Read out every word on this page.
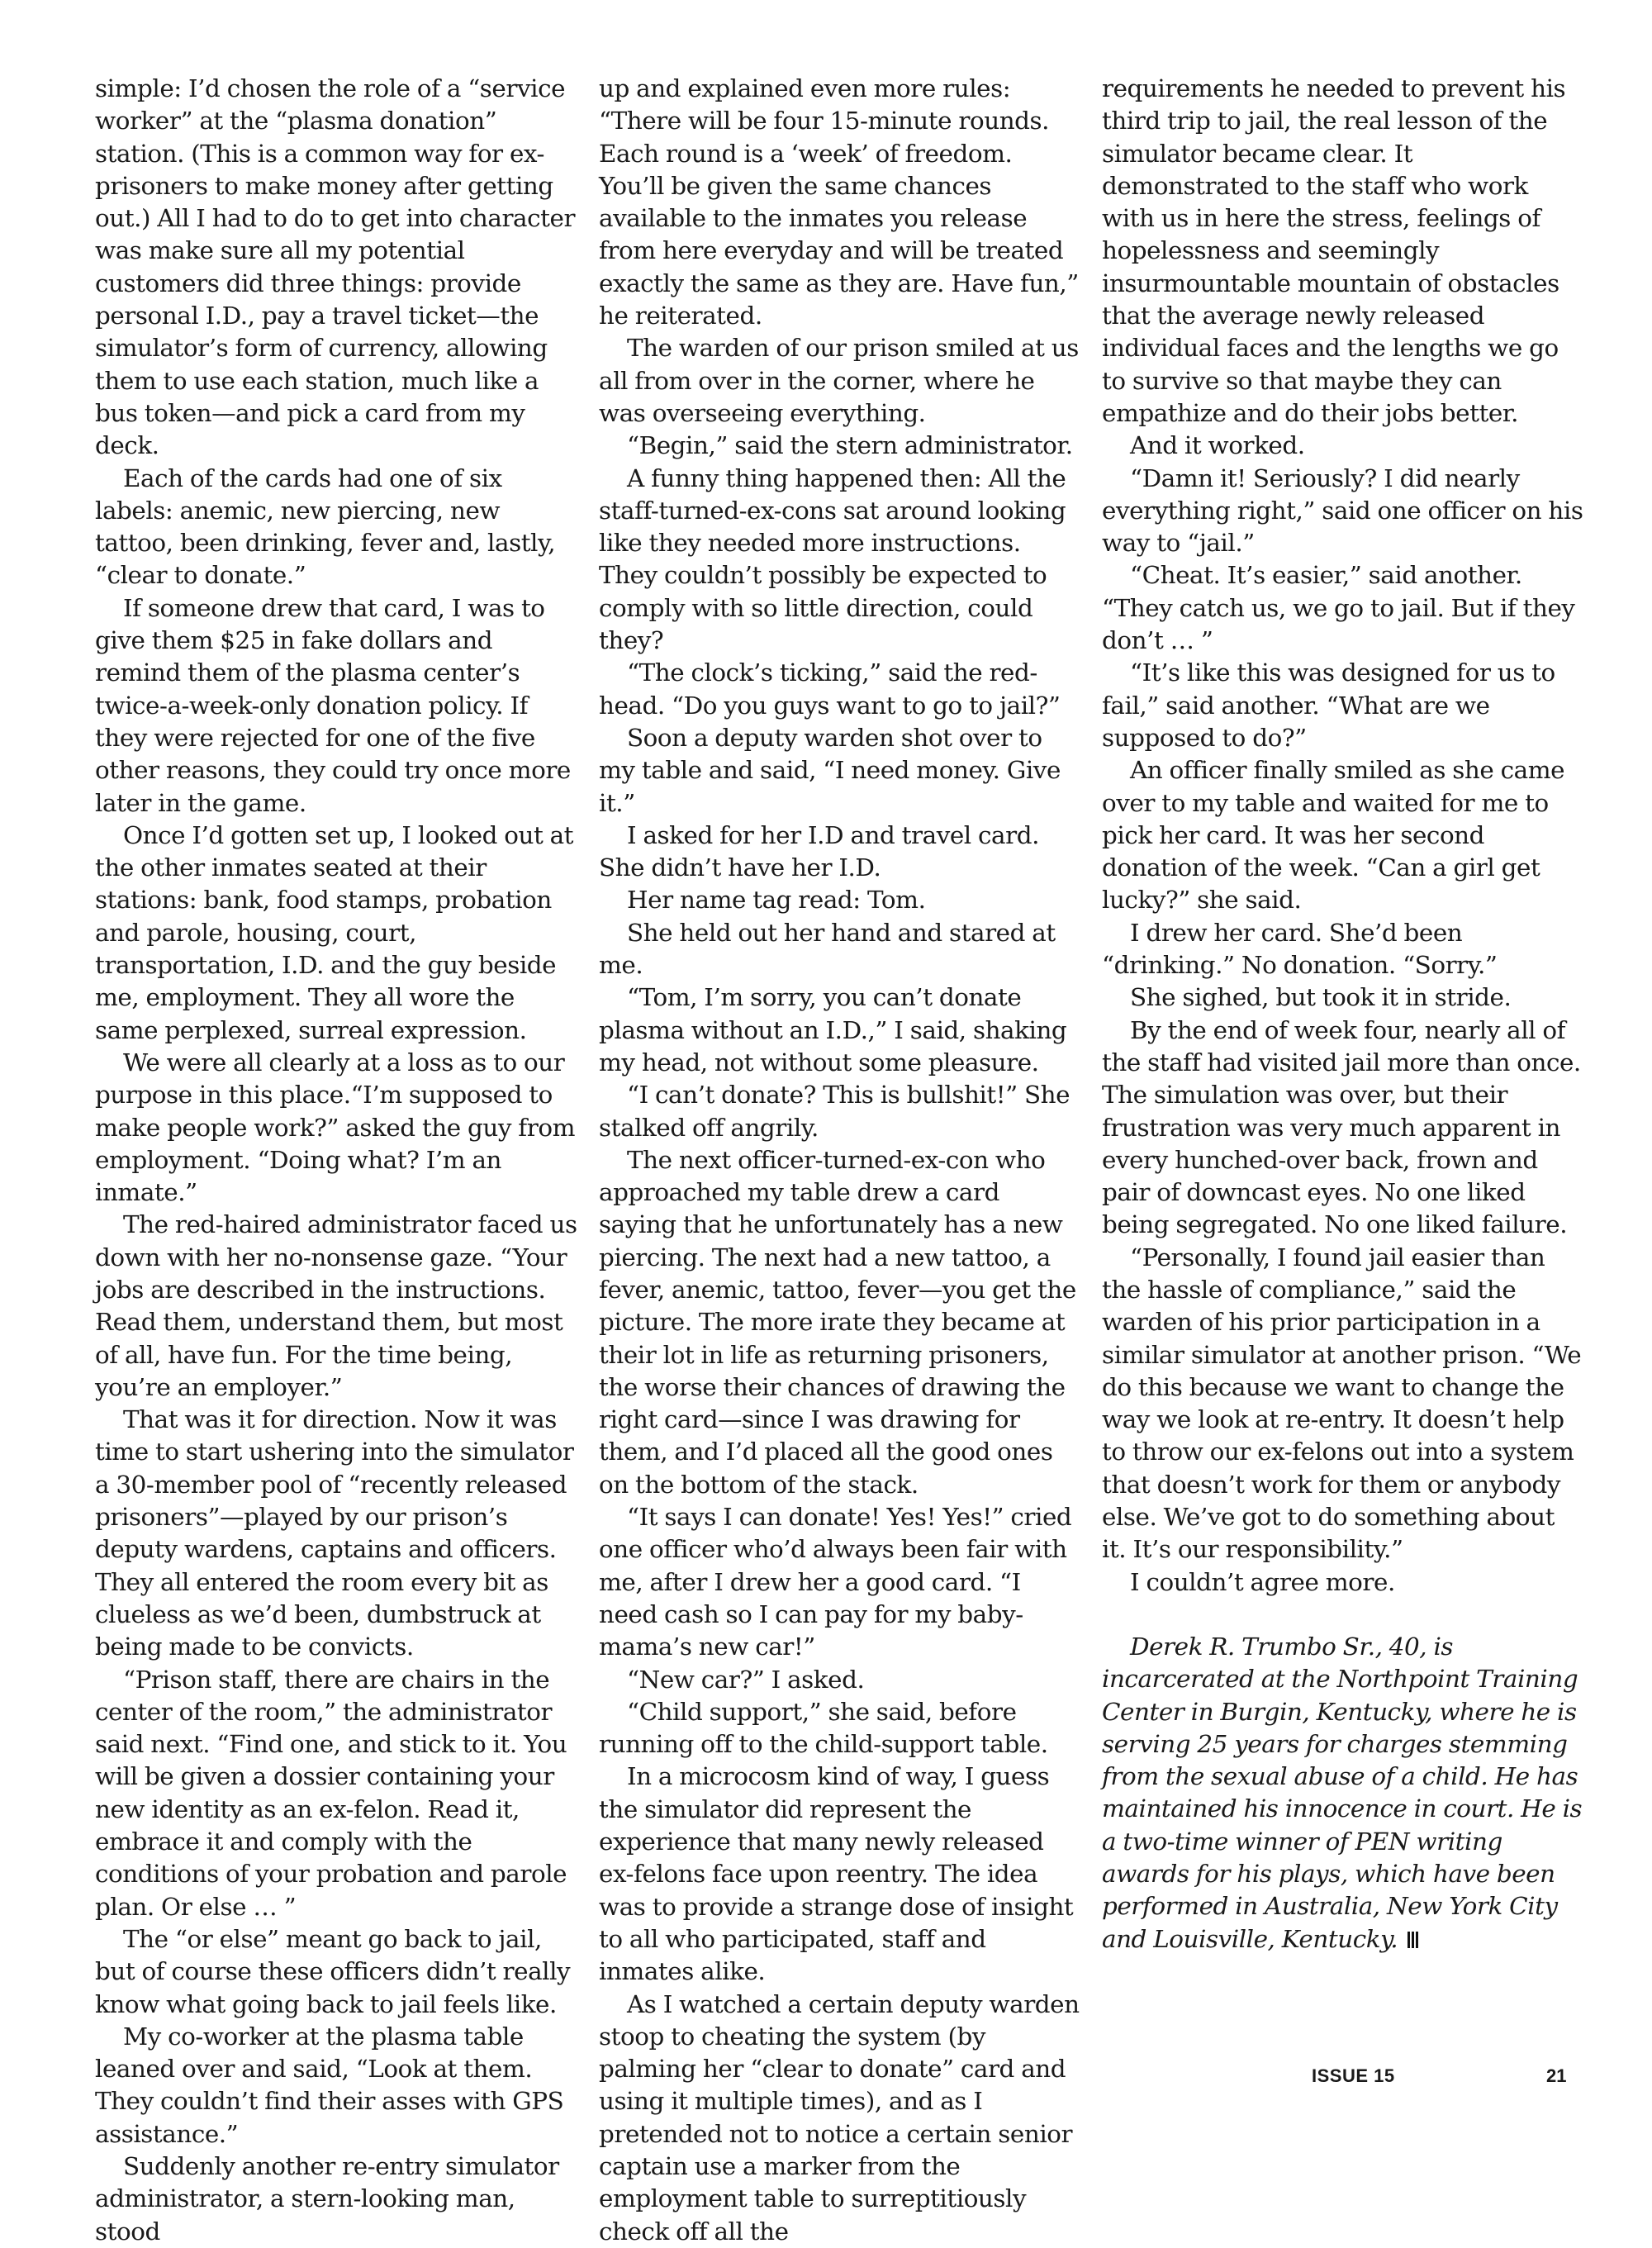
simple: I’d chosen the role of a “service worker” at the “plasma donation” station. (This is a common way for ex-prisoners to make money after getting out.) All I had to do to get into character was make sure all my potential customers did three things: provide personal I.D., pay a travel ticket—the simulator’s form of currency, allowing them to use each station, much like a bus token—and pick a card from my deck.

Each of the cards had one of six labels: anemic, new piercing, new tattoo, been drinking, fever and, lastly, “clear to donate.”

If someone drew that card, I was to give them $25 in fake dollars and remind them of the plasma center’s twice-a-week-only donation policy. If they were rejected for one of the five other reasons, they could try once more later in the game.

Once I’d gotten set up, I looked out at the other inmates seated at their stations: bank, food stamps, probation and parole, housing, court, transportation, I.D. and the guy beside me, employment. They all wore the same perplexed, surreal expression.

We were all clearly at a loss as to our purpose in this place.“I’m supposed to make people work?” asked the guy from employment. “Doing what? I’m an inmate.”

The red-haired administrator faced us down with her no-nonsense gaze. “Your jobs are described in the instructions. Read them, understand them, but most of all, have fun. For the time being, you’re an employer.”

That was it for direction. Now it was time to start ushering into the simulator a 30-member pool of “recently released prisoners”—played by our prison’s deputy wardens, captains and officers. They all entered the room every bit as clueless as we’d been, dumbstruck at being made to be convicts.

“Prison staff, there are chairs in the center of the room,” the administrator said next. “Find one, and stick to it. You will be given a dossier containing your new identity as an ex-felon. Read it, embrace it and comply with the conditions of your probation and parole plan. Or else … ”

The “or else” meant go back to jail, but of course these officers didn’t really know what going back to jail feels like.

My co-worker at the plasma table leaned over and said, “Look at them. They couldn’t find their asses with GPS assistance.”

Suddenly another re-entry simulator administrator, a stern-looking man, stood

up and explained even more rules: “There will be four 15-minute rounds. Each round is a ‘week’ of freedom. You’ll be given the same chances available to the inmates you release from here everyday and will be treated exactly the same as they are. Have fun,” he reiterated.

The warden of our prison smiled at us all from over in the corner, where he was overseeing everything.

“Begin,” said the stern administrator.

A funny thing happened then: All the staff-turned-ex-cons sat around looking like they needed more instructions. They couldn’t possibly be expected to comply with so little direction, could they?

“The clock’s ticking,” said the red-head. “Do you guys want to go to jail?”

Soon a deputy warden shot over to my table and said, “I need money. Give it.”

I asked for her I.D and travel card. She didn’t have her I.D.

Her name tag read: Tom.

She held out her hand and stared at me.

“Tom, I’m sorry, you can’t donate plasma without an I.D.,” I said, shaking my head, not without some pleasure.

“I can’t donate? This is bullshit!” She stalked off angrily.

The next officer-turned-ex-con who approached my table drew a card saying that he unfortunately has a new piercing. The next had a new tattoo, a fever, anemic, tattoo, fever—you get the picture. The more irate they became at their lot in life as returning prisoners, the worse their chances of drawing the right card—since I was drawing for them, and I’d placed all the good ones on the bottom of the stack.

“It says I can donate! Yes! Yes!” cried one officer who’d always been fair with me, after I drew her a good card. “I need cash so I can pay for my baby-mama’s new car!”

“New car?” I asked.

“Child support,” she said, before running off to the child-support table.

In a microcosm kind of way, I guess the simulator did represent the experience that many newly released ex-felons face upon reentry. The idea was to provide a strange dose of insight to all who participated, staff and inmates alike.

As I watched a certain deputy warden stoop to cheating the system (by palming her “clear to donate” card and using it multiple times), and as I pretended not to notice a certain senior captain use a marker from the employment table to surreptitiously check off all the

requirements he needed to prevent his third trip to jail, the real lesson of the simulator became clear. It demonstrated to the staff who work with us in here the stress, feelings of hopelessness and seemingly insurmountable mountain of obstacles that the average newly released individual faces and the lengths we go to survive so that maybe they can empathize and do their jobs better.

And it worked.

“Damn it! Seriously? I did nearly everything right,” said one officer on his way to “jail.”

“Cheat. It’s easier,” said another. “They catch us, we go to jail. But if they don’t … ”

“It’s like this was designed for us to fail,” said another. “What are we supposed to do?”

An officer finally smiled as she came over to my table and waited for me to pick her card. It was her second donation of the week. “Can a girl get lucky?” she said.

I drew her card. She’d been “drinking.” No donation. “Sorry.”

She sighed, but took it in stride.

By the end of week four, nearly all of the staff had visited jail more than once. The simulation was over, but their frustration was very much apparent in every hunched-over back, frown and pair of downcast eyes. No one liked being segregated. No one liked failure.

“Personally, I found jail easier than the hassle of compliance,” said the warden of his prior participation in a similar simulator at another prison. “We do this because we want to change the way we look at re-entry. It doesn’t help to throw our ex-felons out into a system that doesn’t work for them or anybody else. We’ve got to do something about it. It’s our responsibility.”

I couldn’t agree more.

Derek R. Trumbo Sr., 40, is incarcerated at the Northpoint Training Center in Burgin, Kentucky, where he is serving 25 years for charges stemming from the sexual abuse of a child. He has maintained his innocence in court. He is a two-time winner of PEN writing awards for his plays, which have been performed in Australia, New York City and Louisville, Kentucky.

ISSUE 15	21
